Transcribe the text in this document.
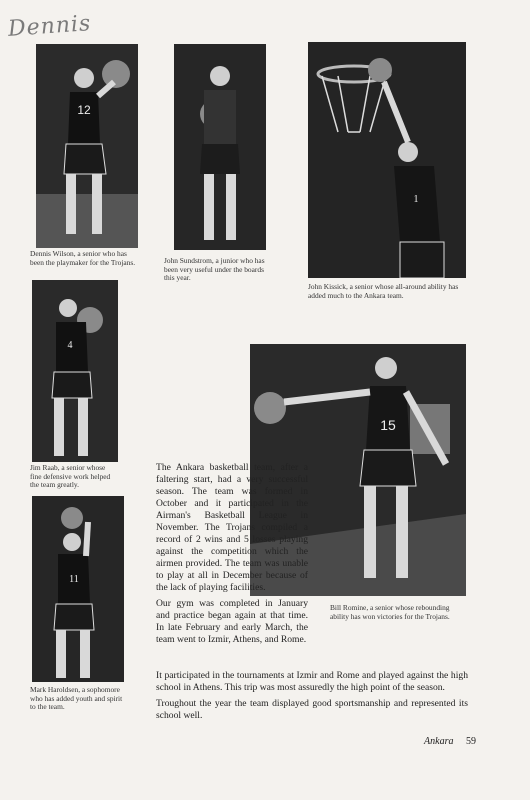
Dennis
12
Dennis Wilson, a senior who has been the playmaker for the Trojans.	John Sundstrom, a junior who has been very useful under the boards this year.
1
John Kissick, a senior whose all-around ability has added much to the Ankara team.
4
Jim Raab, a senior whose fine defensive work helped the team greatly.
15
Bill Romine, a senior whose rebounding ability has won victories for the Trojans.
11
Mark Haroldsen, a sophomore who has added youth and spirit to the team.

The Ankara basketball team, after a faltering start, had a very successful season. The team was formed in October and it participated in the Airman's Basketball League in November. The Trojans compiled a record of 2 wins and 5 losses playing against the competition which the airmen provided. The team was unable to play at all in December because of the lack of playing facilities.

Our gym was completed in January and practice began again at that time. In late February and early March, the team went to Izmir, Athens, and Rome.

It participated in the tournaments at Izmir and Rome and played against the high school in Athens. This trip was most assuredly the high point of the season.

Troughout the year the team displayed good sportsmanship and represented its school well.

Ankara 59
